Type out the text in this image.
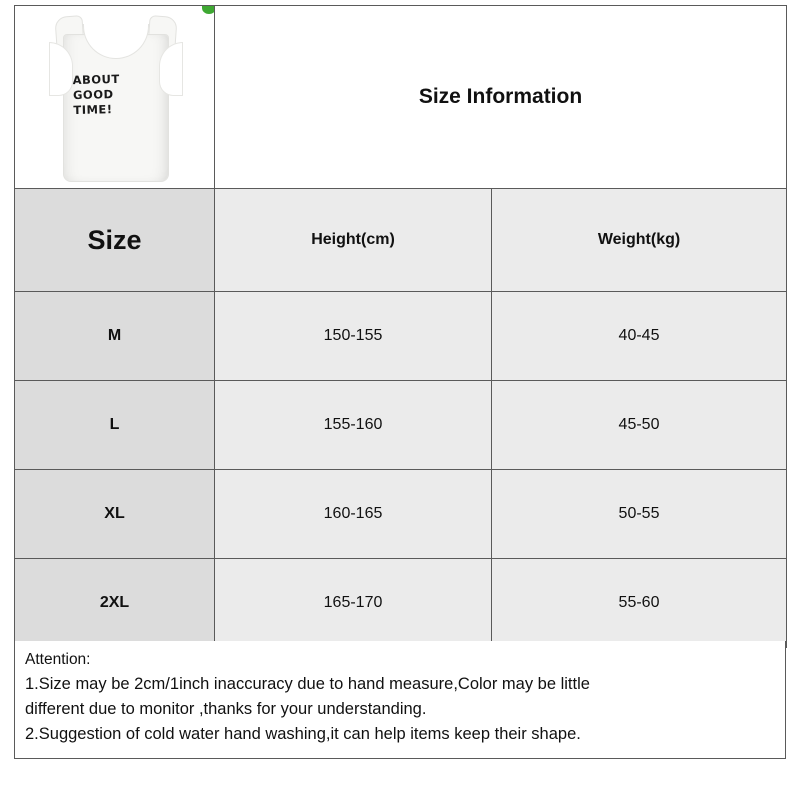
ABOUT
GOOD
TIME!	Size Information	
Size	Height(cm)	Weight(kg)
M	150-155	40-45
L	155-160	45-50
XL	160-165	50-55
2XL	165-170	55-60

Attention:

1.Size may be 2cm/1inch inaccuracy due to hand measure,Color may be little

different due to monitor ,thanks for your understanding.

2.Suggestion of cold water hand washing,it can help items keep their shape.
